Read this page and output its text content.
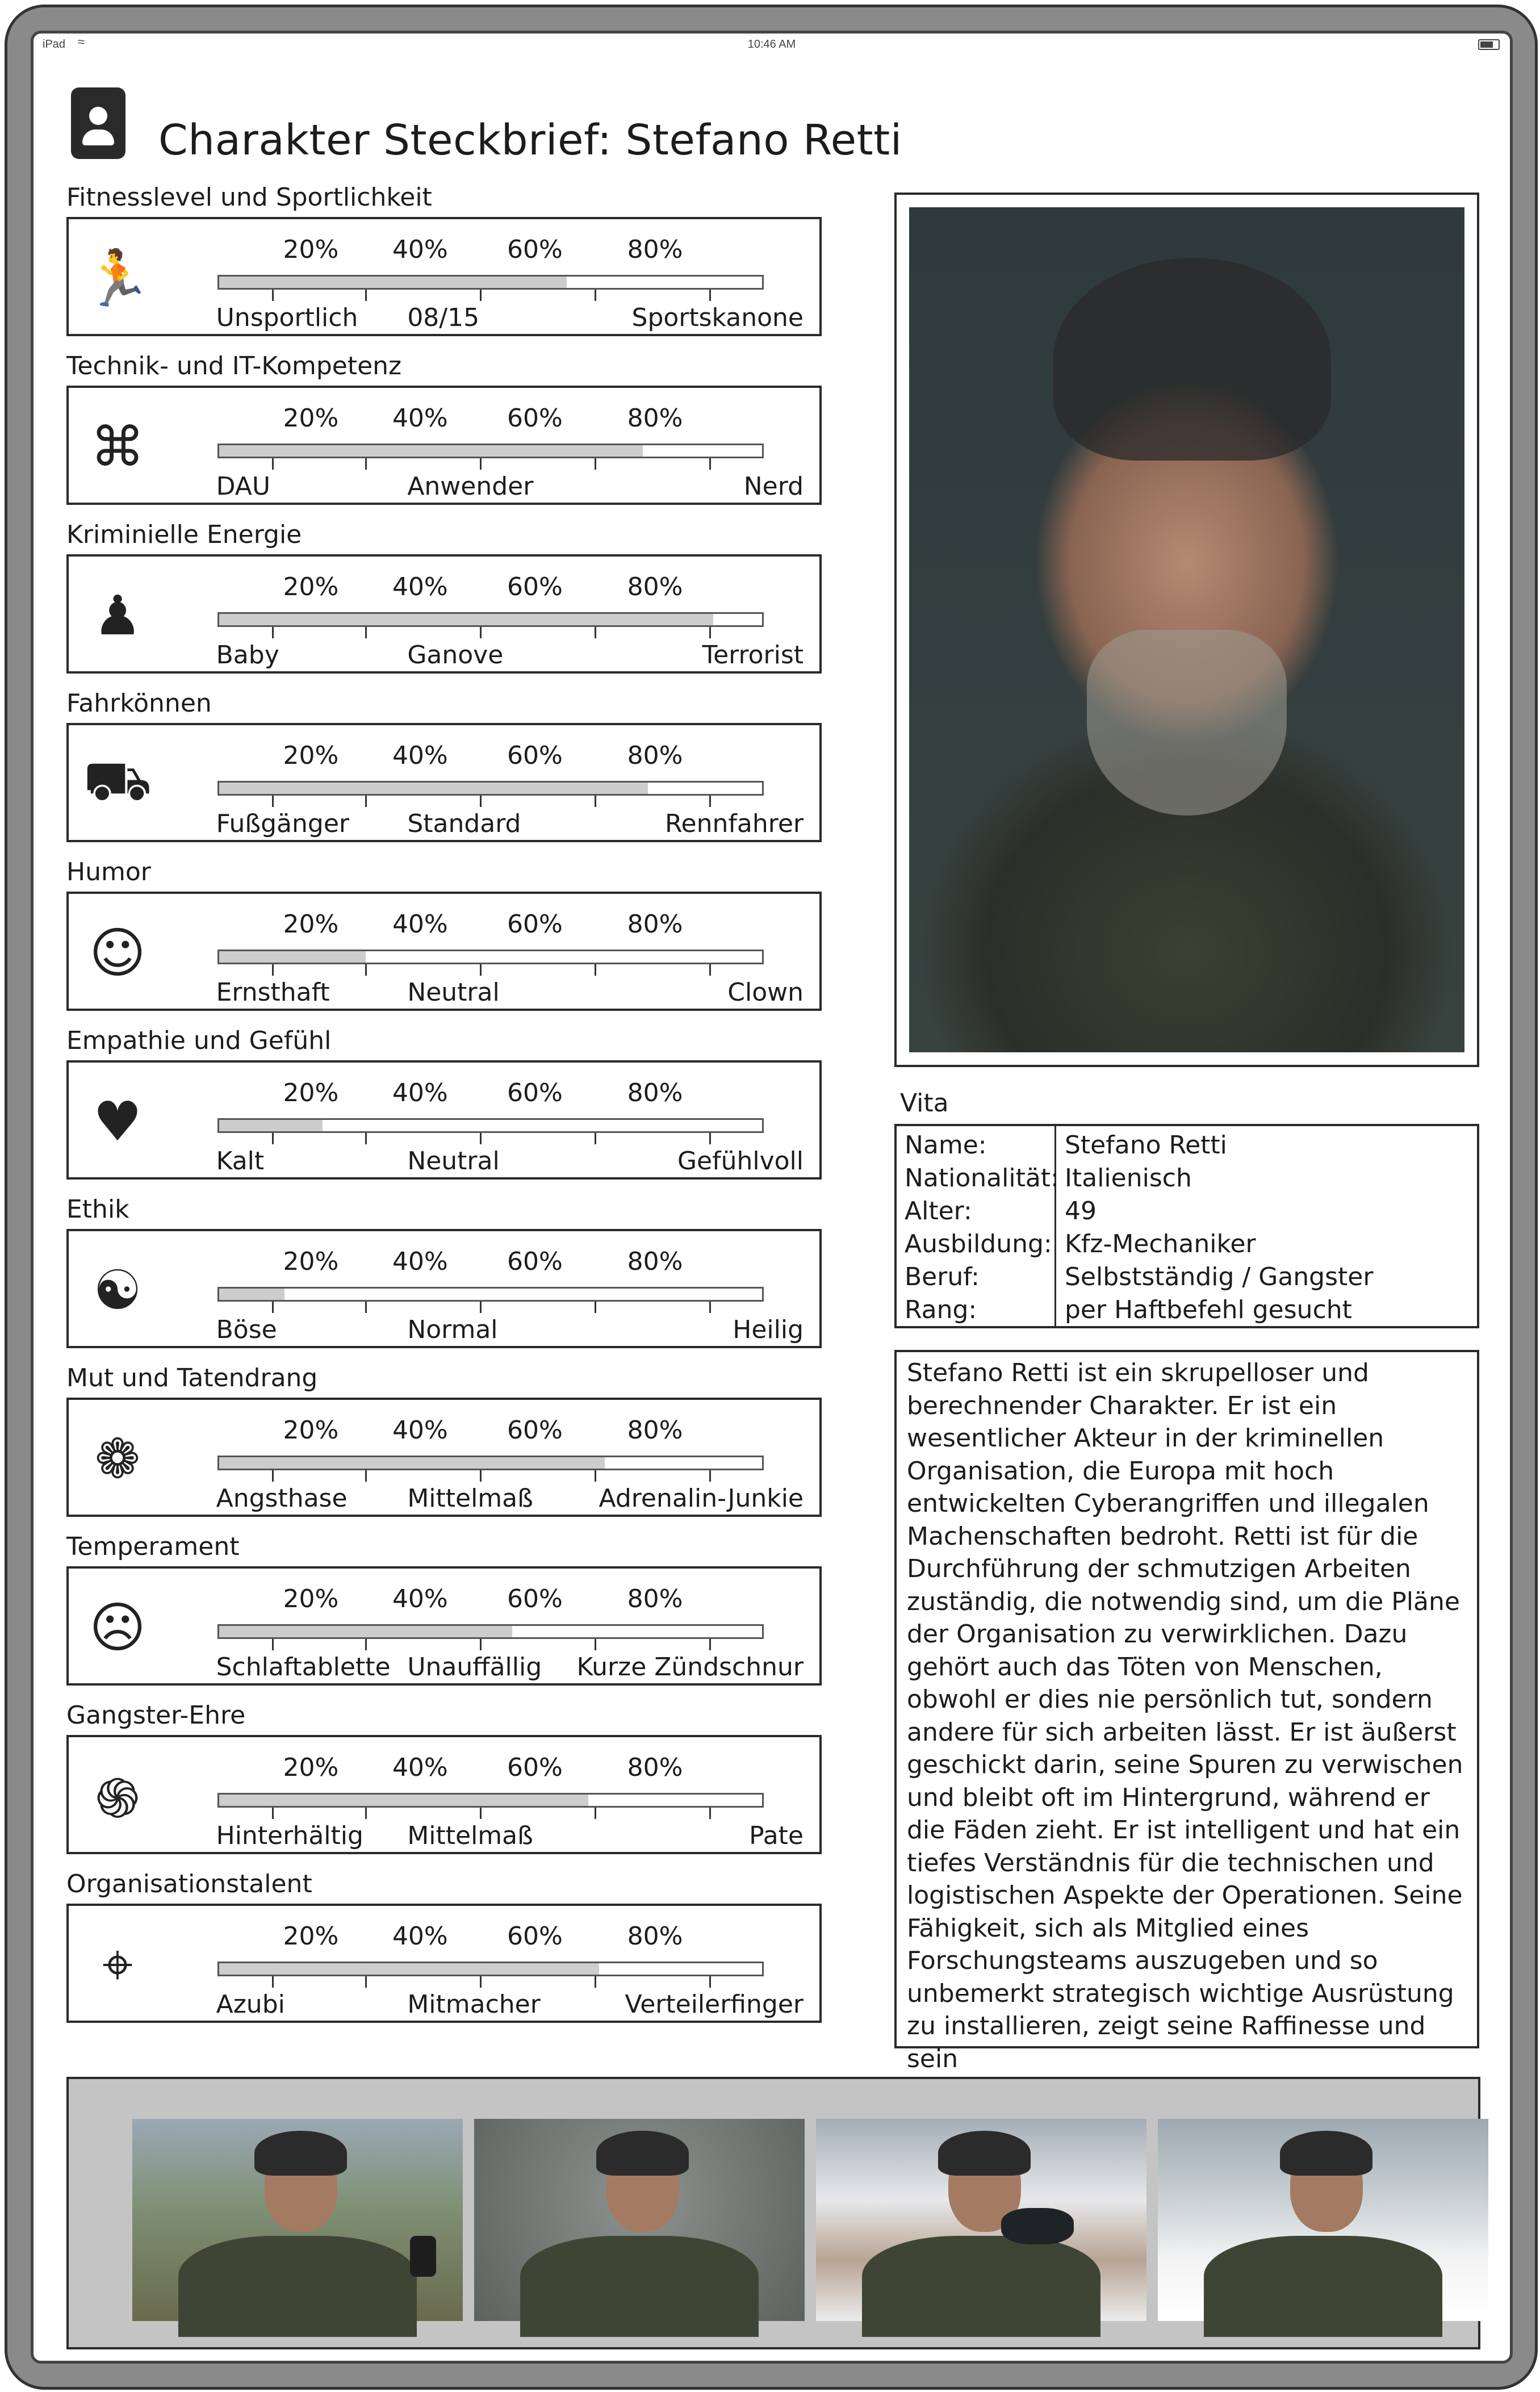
iPad ≈	10:46 AM
Charakter Steckbrief: Stefano Retti
Fitnesslevel und Sportlichkeit
🏃	20% 40% 60%	80%
Unsportlich 08/15	Sportskanone
Technik- und IT-Kompetenz
⌘	20% 40% 60%	80%
DAU	Anwender	Nerd
Kriminielle Energie
♟	20% 40% 60%	80%
Baby	Ganove	Terrorist
Fahrkönnen
⛟	20% 40% 60%	80%
Fußgänger Standard	Rennfahrer
Humor
☺	20% 40% 60%	80%
Ernsthaft	Neutral	Clown
Empathie und Gefühl
♥	20% 40% 60%	80%
Kalt	Neutral	Gefühlvoll
Ethik
☯	20% 40% 60%	80%
Böse	Normal	Heilig
Mut und Tatendrang
❁	20% 40% 60%	80%
Angsthase Mittelmaß	Adrenalin-Junkie
Temperament
☹	20% 40% 60%	80%
Schlaftablette Unauffällig Kurze Zündschnur
Gangster-Ehre
֍	20% 40% 60%	80%
Hinterhältig Mittelmaß	Pate
Organisationstalent
⌖	20% 40% 60%	80%
Azubi	Mitmacher	Verteilerfinger
Vita
Name:	Stefano Retti
Nationalität: Italienisch
Alter:	49
Ausbildung: Kfz-Mechaniker
Beruf:	Selbstständig / Gangster
Rang:	per Haftbefehl gesucht

Stefano Retti ist ein skrupelloser und berechnender Charakter. Er ist ein wesentlicher Akteur in der kriminellen Organisation, die Europa mit hoch entwickelten Cyberangriffen und illegalen Machenschaften bedroht. Retti ist für die Durchführung der schmutzigen Arbeiten zuständig, die notwendig sind, um die Pläne der Organisation zu verwirklichen. Dazu gehört auch das Töten von Menschen, obwohl er dies nie persönlich tut, sondern andere für sich arbeiten lässt. Er ist äußerst geschickt darin, seine Spuren zu verwischen und bleibt oft im Hintergrund, während er die Fäden zieht. Er ist intelligent und hat ein tiefes Verständnis für die technischen und logistischen Aspekte der Operationen. Seine Fähigkeit, sich als Mitglied eines Forschungsteams auszugeben und so unbemerkt strategisch wichtige Ausrüstung zu installieren, zeigt seine Raffinesse und sein
